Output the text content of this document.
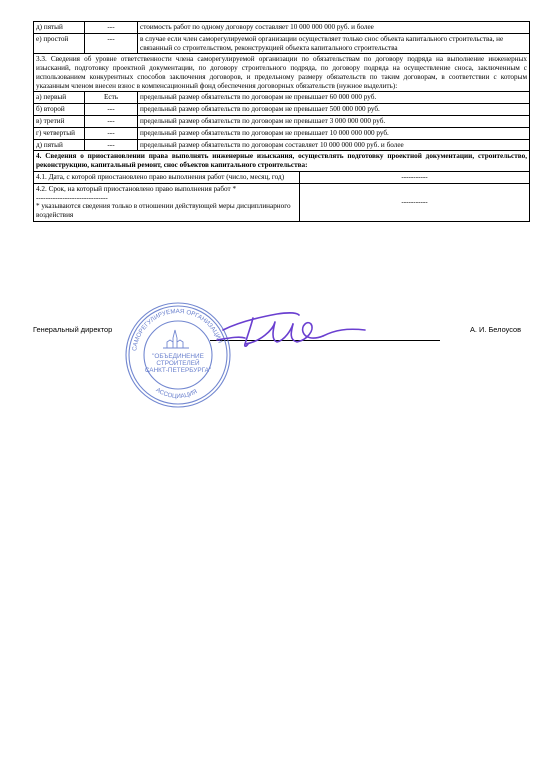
д) пятый	---	стоимость работ по одному договору составляет 10 000 000 000 руб. и более
е) простой	---	в случае если член саморегулируемой организации осуществляет только снос объекта капитального строительства, не связанный со строительством, реконструкцией объекта капитального строительства
3.3. Сведения об уровне ответственности члена саморегулируемой организации по обязательствам по договору подряда на выполнение инженерных изысканий, подготовку проектной документации, по договору строительного подряда, по договору подряда на осуществление сноса, заключенным с использованием конкурентных способов заключения договоров, и предельному размеру обязательств по таким договорам, в соответствии с которым указанным членом внесен взнос в компенсационный фонд обеспечения договорных обязательств (нужное выделить):		
а) первый	Есть	предельный размер обязательств по договорам не превышает 60 000 000 руб.
б) второй	---	предельный размер обязательств по договорам не превышает 500 000 000 руб.
в) третий	---	предельный размер обязательств по договорам не превышает 3 000 000 000 руб.
г) четвертый	---	предельный размер обязательств по договорам не превышает 10 000 000 000 руб.
д) пятый	---	предельный размер обязательств по договорам составляет 10 000 000 000 руб. и более
4. Сведения о приостановлении права выполнять инженерные изыскания, осуществлять подготовку проектной документации, строительство, реконструкцию, капитальный ремонт, снос объектов капитального строительства:	
4.1. Дата, с которой приостановлено право выполнения работ (число, месяц, год)	-----------

4.2. Срок, на который приостановлено право выполнения работ *
------------------------------
* указываются сведения только в отношении действующей меры дисциплинарного воздействия	-----------
Генеральный директор	А. И. Белоусов
САМОРЕГУЛИРУЕМАЯ ОРГАНИЗАЦИЯ
АССОЦИАЦИЯ
"ОБЪЕДИНЕНИЕ
СТРОИТЕЛЕЙ
САНКТ-ПЕТЕРБУРГА"
